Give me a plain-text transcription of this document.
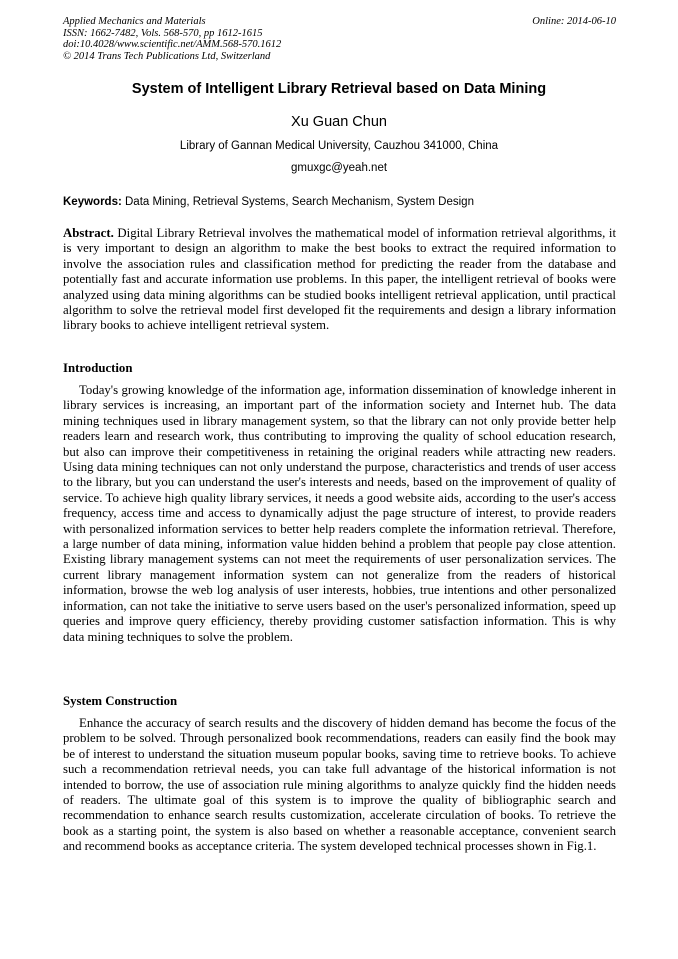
Applied Mechanics and Materials
ISSN: 1662-7482, Vols. 568-570, pp 1612-1615
doi:10.4028/www.scientific.net/AMM.568-570.1612
© 2014 Trans Tech Publications Ltd, Switzerland
Online: 2014-06-10
System of Intelligent Library Retrieval based on Data Mining
Xu Guan Chun
Library of Gannan Medical University, Cauzhou 341000, China
gmuxgc@yeah.net
Keywords: Data Mining, Retrieval Systems, Search Mechanism, System Design
Abstract. Digital Library Retrieval involves the mathematical model of information retrieval algorithms, it is very important to design an algorithm to make the best books to extract the required information to involve the association rules and classification method for predicting the reader from the database and potentially fast and accurate information use problems. In this paper, the intelligent retrieval of books were analyzed using data mining algorithms can be studied books intelligent retrieval application, until practical algorithm to solve the retrieval model first developed fit the requirements and design a library information library books to achieve intelligent retrieval system.
Introduction
Today's growing knowledge of the information age, information dissemination of knowledge inherent in library services is increasing, an important part of the information society and Internet hub. The data mining techniques used in library management system, so that the library can not only provide better help readers learn and research work, thus contributing to improving the quality of school education research, but also can improve their competitiveness in retaining the original readers while attracting new readers. Using data mining techniques can not only understand the purpose, characteristics and trends of user access to the library, but you can understand the user's interests and needs, based on the improvement of quality of service. To achieve high quality library services, it needs a good website aids, according to the user's access frequency, access time and access to dynamically adjust the page structure of interest, to provide readers with personalized information services to better help readers complete the information retrieval. Therefore, a large number of data mining, information value hidden behind a problem that people pay close attention. Existing library management systems can not meet the requirements of user personalization services. The current library management information system can not generalize from the readers of historical information, browse the web log analysis of user interests, hobbies, true intentions and other personalized information, can not take the initiative to serve users based on the user's personalized information, speed up queries and improve query efficiency, thereby providing customer satisfaction information. This is why data mining techniques to solve the problem.
System Construction
Enhance the accuracy of search results and the discovery of hidden demand has become the focus of the problem to be solved. Through personalized book recommendations, readers can easily find the book may be of interest to understand the situation museum popular books, saving time to retrieve books. To achieve such a recommendation retrieval needs, you can take full advantage of the historical information is not intended to borrow, the use of association rule mining algorithms to analyze quickly find the hidden needs of readers. The ultimate goal of this system is to improve the quality of bibliographic search and recommendation to enhance search results customization, accelerate circulation of books. To retrieve the book as a starting point, the system is also based on whether a reasonable acceptance, convenient search and recommend books as acceptance criteria. The system developed technical processes shown in Fig.1.
